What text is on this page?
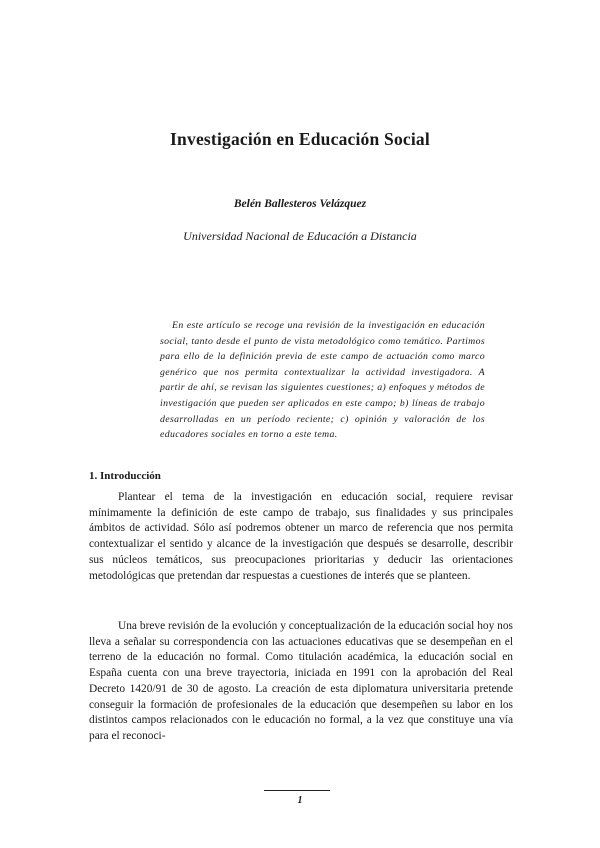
Investigación en Educación Social
Belén Ballesteros Velázquez
Universidad Nacional de Educación a Distancia
En este artículo se recoge una revisión de la investigación en educación social, tanto desde el punto de vista metodológico como temático. Partimos para ello de la definición previa de este campo de actuación como marco genérico que nos permita contextualizar la actividad investigadora. A partir de ahí, se revisan las siguientes cuestiones; a) enfoques y métodos de investigación que pueden ser aplicados en este campo; b) líneas de trabajo desarrolladas en un período reciente; c) opinión y valoración de los educadores sociales en torno a este tema.
1. Introducción

Plantear el tema de la investigación en educación social, requiere revisar mínimamente la definición de este campo de trabajo, sus finalidades y sus principales ámbitos de actividad. Sólo así podremos obtener un marco de referencia que nos permita contextualizar el sentido y alcance de la investigación que después se desarrolle, describir sus núcleos temáticos, sus preocupaciones prioritarias y deducir las orientaciones metodológicas que pretendan dar respuestas a cuestiones de interés que se planteen.

Una breve revisión de la evolución y conceptualización de la educación social hoy nos lleva a señalar su correspondencia con las actuaciones educativas que se desempeñan en el terreno de la educación no formal. Como titulación académica, la educación social en España cuenta con una breve trayectoria, iniciada en 1991 con la aprobación del Real Decreto 1420/91 de 30 de agosto. La creación de esta diplomatura universitaria pretende conseguir la formación de profesionales de la educación que desempeñen su labor en los distintos campos relacionados con le educación no formal, a la vez que constituye una vía para el reconoci-

1
